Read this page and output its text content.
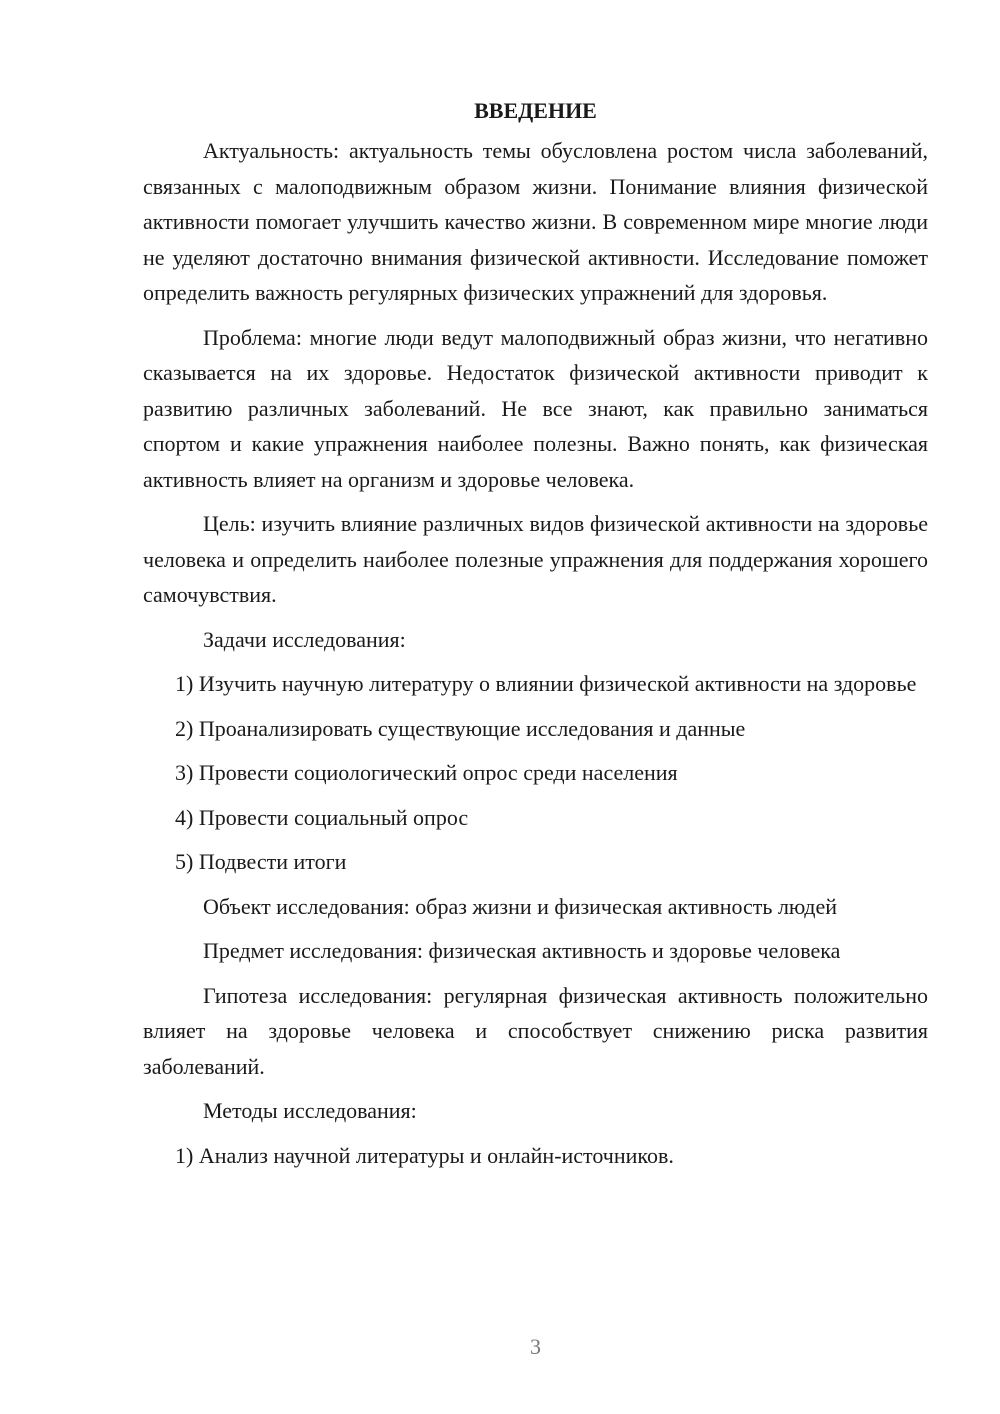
ВВЕДЕНИЕ

Актуальность: актуальность темы обусловлена ростом числа заболеваний, связанных с малоподвижным образом жизни. Понимание влияния физической активности помогает улучшить качество жизни. В современном мире многие люди не уделяют достаточно внимания физической активности. Исследование поможет определить важность регулярных физических упражнений для здоровья.

Проблема: многие люди ведут малоподвижный образ жизни, что негативно сказывается на их здоровье. Недостаток физической активности приводит к развитию различных заболеваний. Не все знают, как правильно заниматься спортом и какие упражнения наиболее полезны. Важно понять, как физическая активность влияет на организм и здоровье человека.

Цель: изучить влияние различных видов физической активности на здоровье человека и определить наиболее полезные упражнения для поддержания хорошего самочувствия.

Задачи исследования:

1) Изучить научную литературу о влиянии физической активности на здоровье

2) Проанализировать существующие исследования и данные

3) Провести социологический опрос среди населения

4) Провести социальный опрос

5) Подвести итоги

Объект исследования: образ жизни и физическая активность людей

Предмет исследования: физическая активность и здоровье человека

Гипотеза исследования: регулярная физическая активность положительно влияет на здоровье человека и способствует снижению риска развития заболеваний.

Методы исследования:

1) Анализ научной литературы и онлайн-источников.

3
